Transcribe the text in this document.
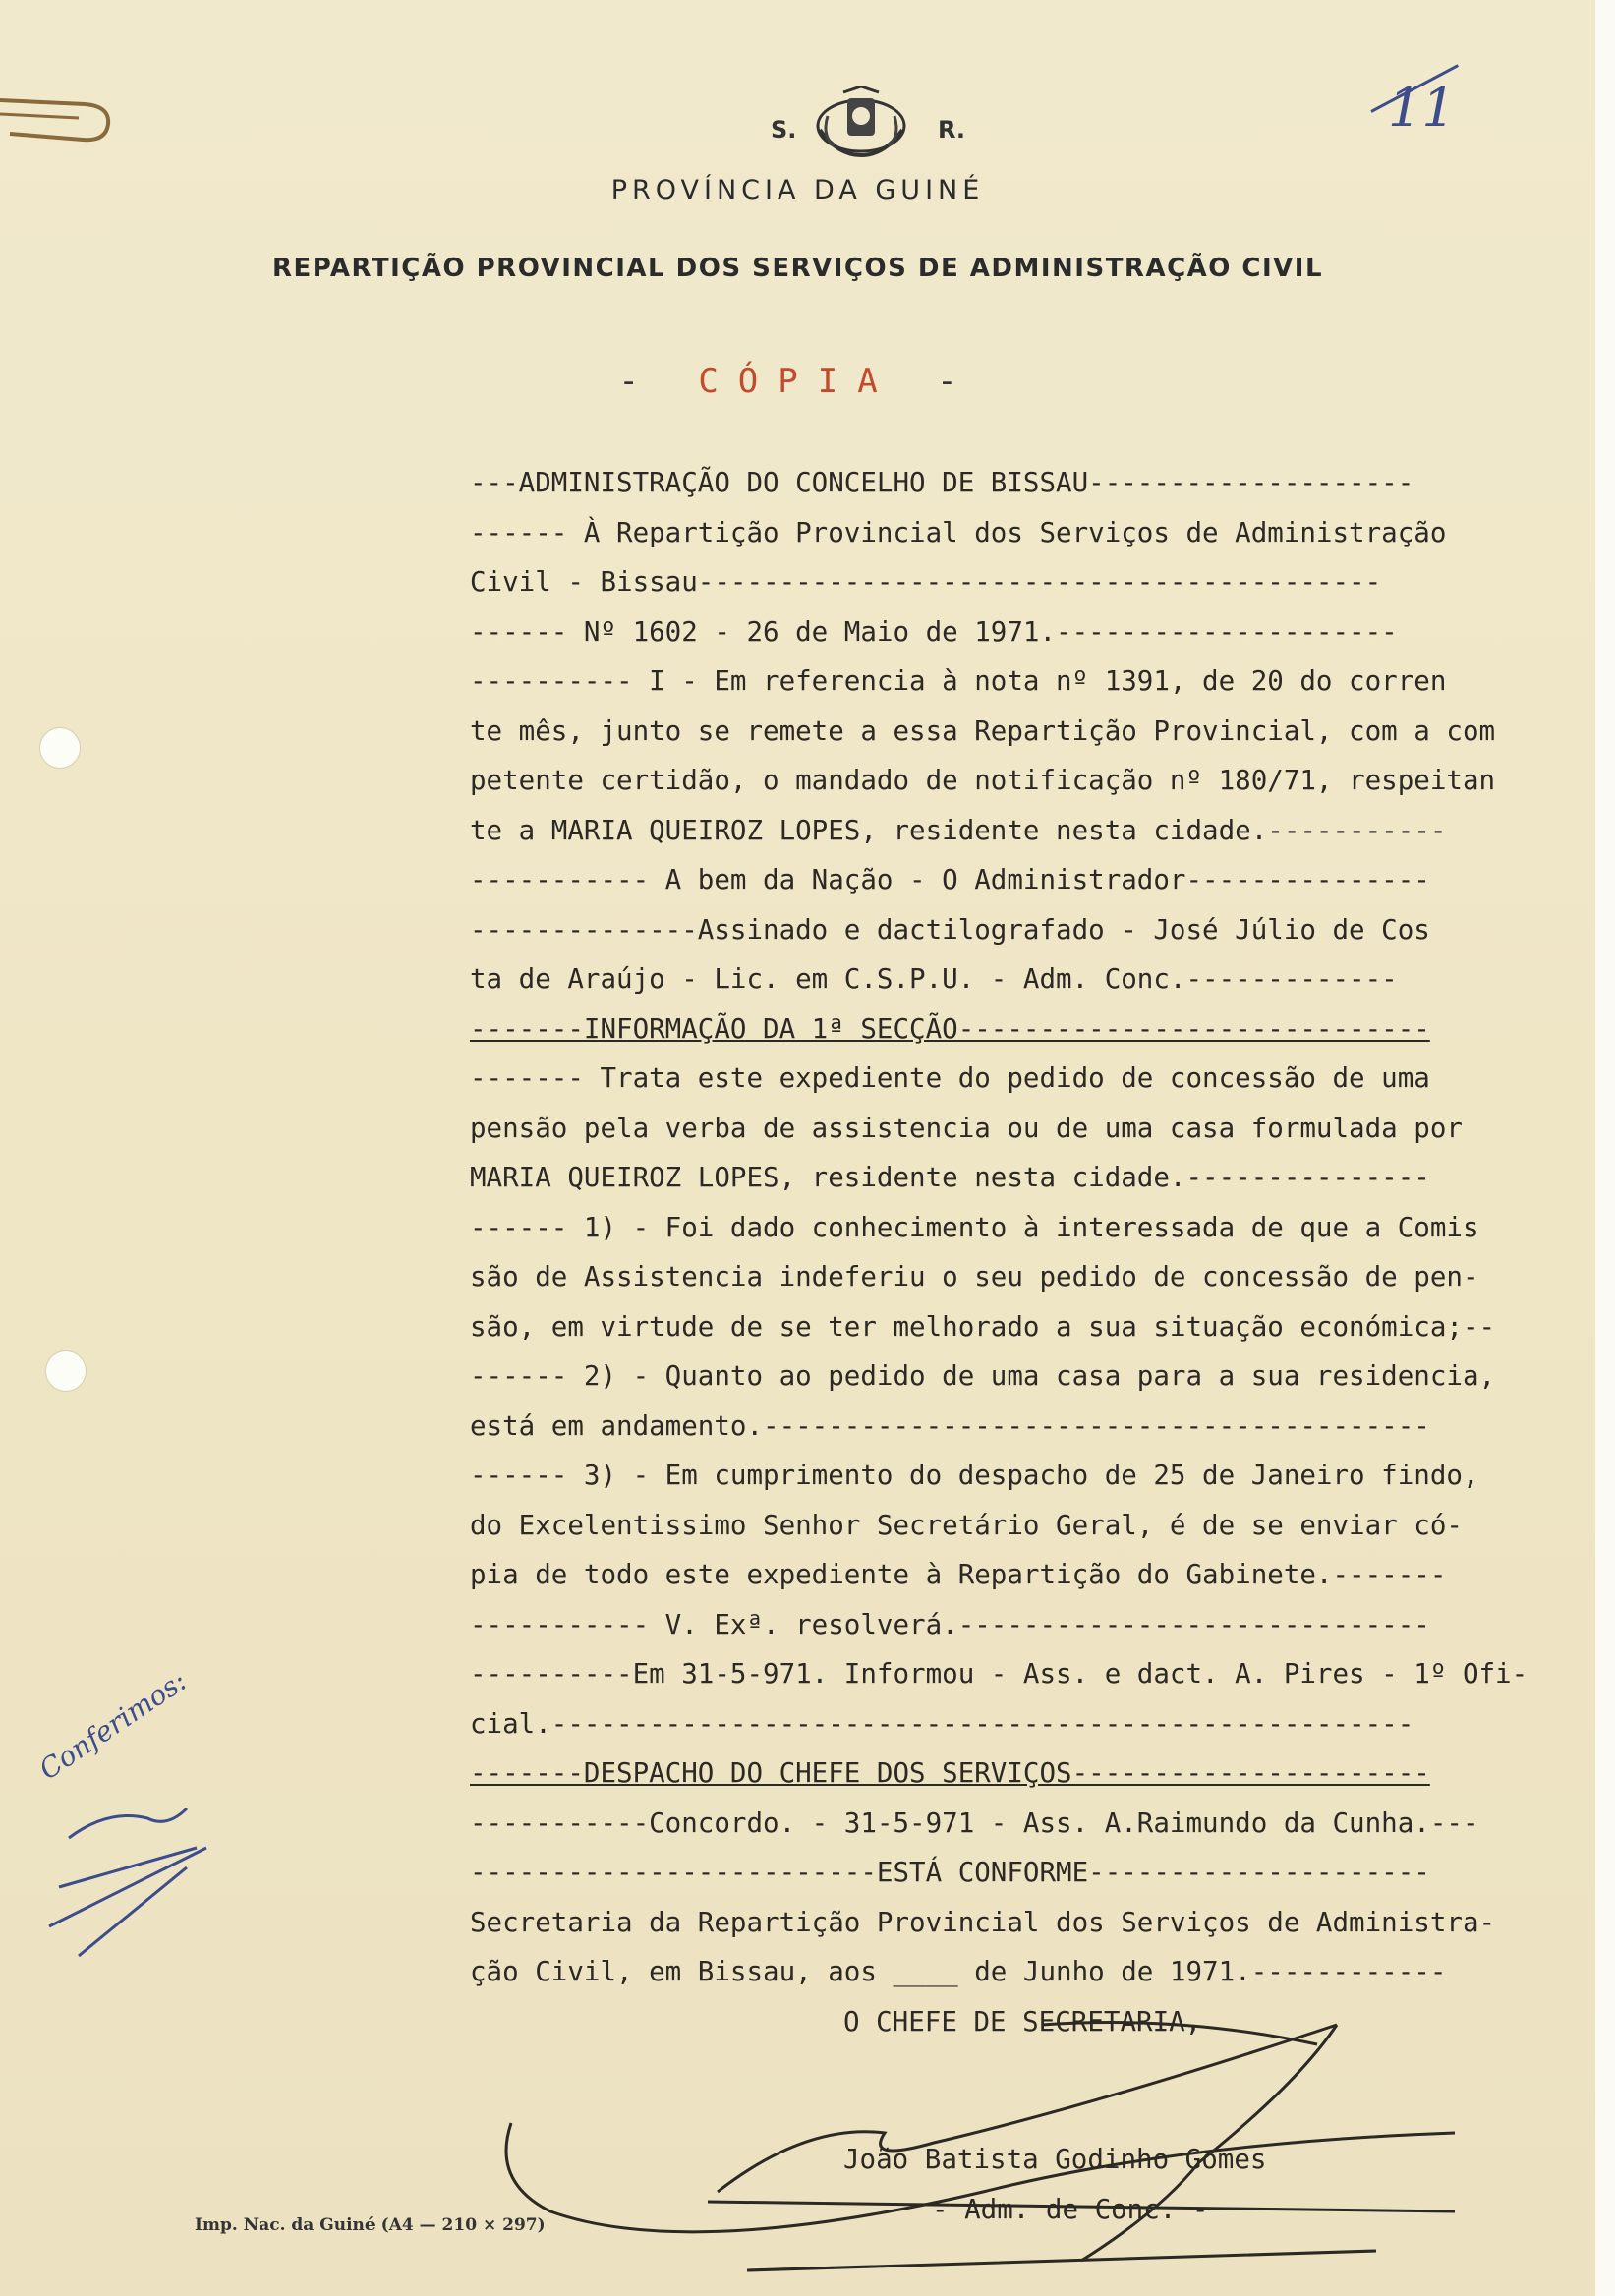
S.	R.
PROVÍNCIA DA GUINÉ
REPARTIÇÃO PROVINCIAL DOS SERVIÇOS DE ADMINISTRAÇÃO CIVIL
11
- CÓPIA -
---ADMINISTRAÇÃO DO CONCELHO DE BISSAU--------------------
------ À Repartição Provincial dos Serviços de Administração
Civil - Bissau------------------------------------------
------ Nº 1602 - 26 de Maio de 1971.---------------------
---------- I - Em referencia à nota nº 1391, de 20 do corren
te mês, junto se remete a essa Repartição Provincial, com a com
petente certidão, o mandado de notificação nº 180/71, respeitan
te a MARIA QUEIROZ LOPES, residente nesta cidade.-----------
----------- A bem da Nação - O Administrador---------------
--------------Assinado e dactilografado - José Júlio de Cos
ta de Araújo - Lic. em C.S.P.U. - Adm. Conc.-------------
-------INFORMAÇÃO DA 1ª SECÇÃO-----------------------------
------- Trata este expediente do pedido de concessão de uma
pensão pela verba de assistencia ou de uma casa formulada por
MARIA QUEIROZ LOPES, residente nesta cidade.---------------
------ 1) - Foi dado conhecimento à interessada de que a Comis
são de Assistencia indeferiu o seu pedido de concessão de pen-
são, em virtude de se ter melhorado a sua situação económica;--
------ 2) - Quanto ao pedido de uma casa para a sua residencia,
está em andamento.-----------------------------------------
------ 3) - Em cumprimento do despacho de 25 de Janeiro findo,
do Excelentissimo Senhor Secretário Geral, é de se enviar có-
pia de todo este expediente à Repartição do Gabinete.-------
----------- V. Exª. resolverá.-----------------------------
----------Em 31-5-971. Informou - Ass. e dact. A. Pires - 1º Ofi-
cial.-----------------------------------------------------
-------DESPACHO DO CHEFE DOS SERVIÇOS----------------------
-----------Concordo. - 31-5-971 - Ass. A.Raimundo da Cunha.---
-------------------------ESTÁ CONFORME---------------------
Secretaria da Repartição Provincial dos Serviços de Administra-
ção Civil, em Bissau, aos ____ de Junho de 1971.------------
O CHEFE DE SECRETARIA,
João Batista Godinho Gomes
- Adm. de Conc. -
Conferimos:
Imp. Nac. da Guiné (A4 — 210 × 297)
